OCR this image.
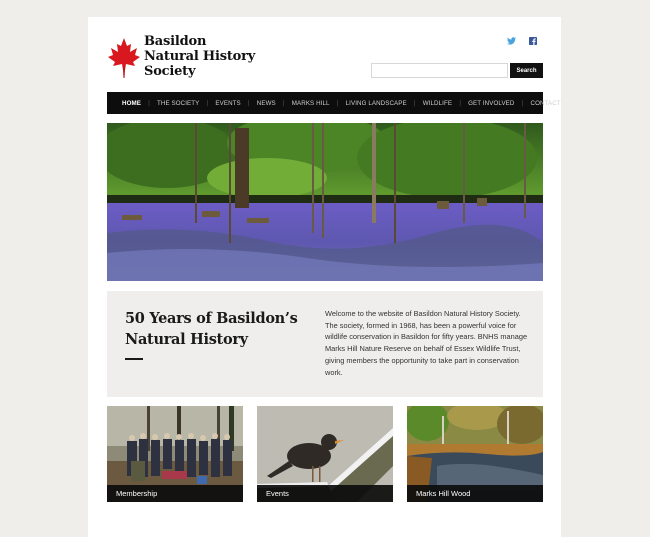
Basildon
Natural History
Society	Search
HOME | THE SOCIETY | EVENTS | NEWS | MARKS HILL | LIVING LANDSCAPE | WILDLIFE | GET INVOLVED | CONTACT
50 Years of Basildon’s Natural History

Welcome to the website of Basildon Natural History Society. The society, formed in 1968, has been a powerful voice for wildlife conservation in Basildon for fifty years. BNHS manage Marks Hill Nature Reserve on behalf of Essex Wildlife Trust, giving members the opportunity to take part in conservation work.

Membership	Events	Marks Hill Wood
